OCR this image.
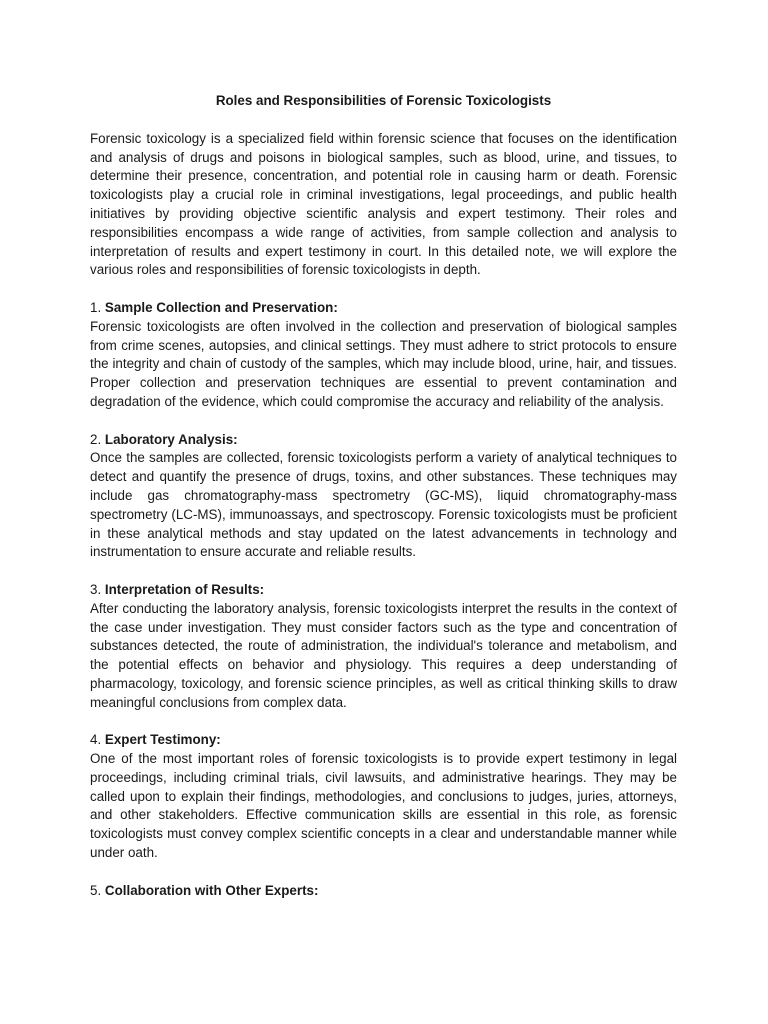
Roles and Responsibilities of Forensic Toxicologists

Forensic toxicology is a specialized field within forensic science that focuses on the identification and analysis of drugs and poisons in biological samples, such as blood, urine, and tissues, to determine their presence, concentration, and potential role in causing harm or death. Forensic toxicologists play a crucial role in criminal investigations, legal proceedings, and public health initiatives by providing objective scientific analysis and expert testimony. Their roles and responsibilities encompass a wide range of activities, from sample collection and analysis to interpretation of results and expert testimony in court. In this detailed note, we will explore the various roles and responsibilities of forensic toxicologists in depth.

1. Sample Collection and Preservation:

Forensic toxicologists are often involved in the collection and preservation of biological samples from crime scenes, autopsies, and clinical settings. They must adhere to strict protocols to ensure the integrity and chain of custody of the samples, which may include blood, urine, hair, and tissues. Proper collection and preservation techniques are essential to prevent contamination and degradation of the evidence, which could compromise the accuracy and reliability of the analysis.

2. Laboratory Analysis:

Once the samples are collected, forensic toxicologists perform a variety of analytical techniques to detect and quantify the presence of drugs, toxins, and other substances. These techniques may include gas chromatography-mass spectrometry (GC-MS), liquid chromatography-mass spectrometry (LC-MS), immunoassays, and spectroscopy. Forensic toxicologists must be proficient in these analytical methods and stay updated on the latest advancements in technology and instrumentation to ensure accurate and reliable results.

3. Interpretation of Results:

After conducting the laboratory analysis, forensic toxicologists interpret the results in the context of the case under investigation. They must consider factors such as the type and concentration of substances detected, the route of administration, the individual's tolerance and metabolism, and the potential effects on behavior and physiology. This requires a deep understanding of pharmacology, toxicology, and forensic science principles, as well as critical thinking skills to draw meaningful conclusions from complex data.

4. Expert Testimony:

One of the most important roles of forensic toxicologists is to provide expert testimony in legal proceedings, including criminal trials, civil lawsuits, and administrative hearings. They may be called upon to explain their findings, methodologies, and conclusions to judges, juries, attorneys, and other stakeholders. Effective communication skills are essential in this role, as forensic toxicologists must convey complex scientific concepts in a clear and understandable manner while under oath.

5. Collaboration with Other Experts:
